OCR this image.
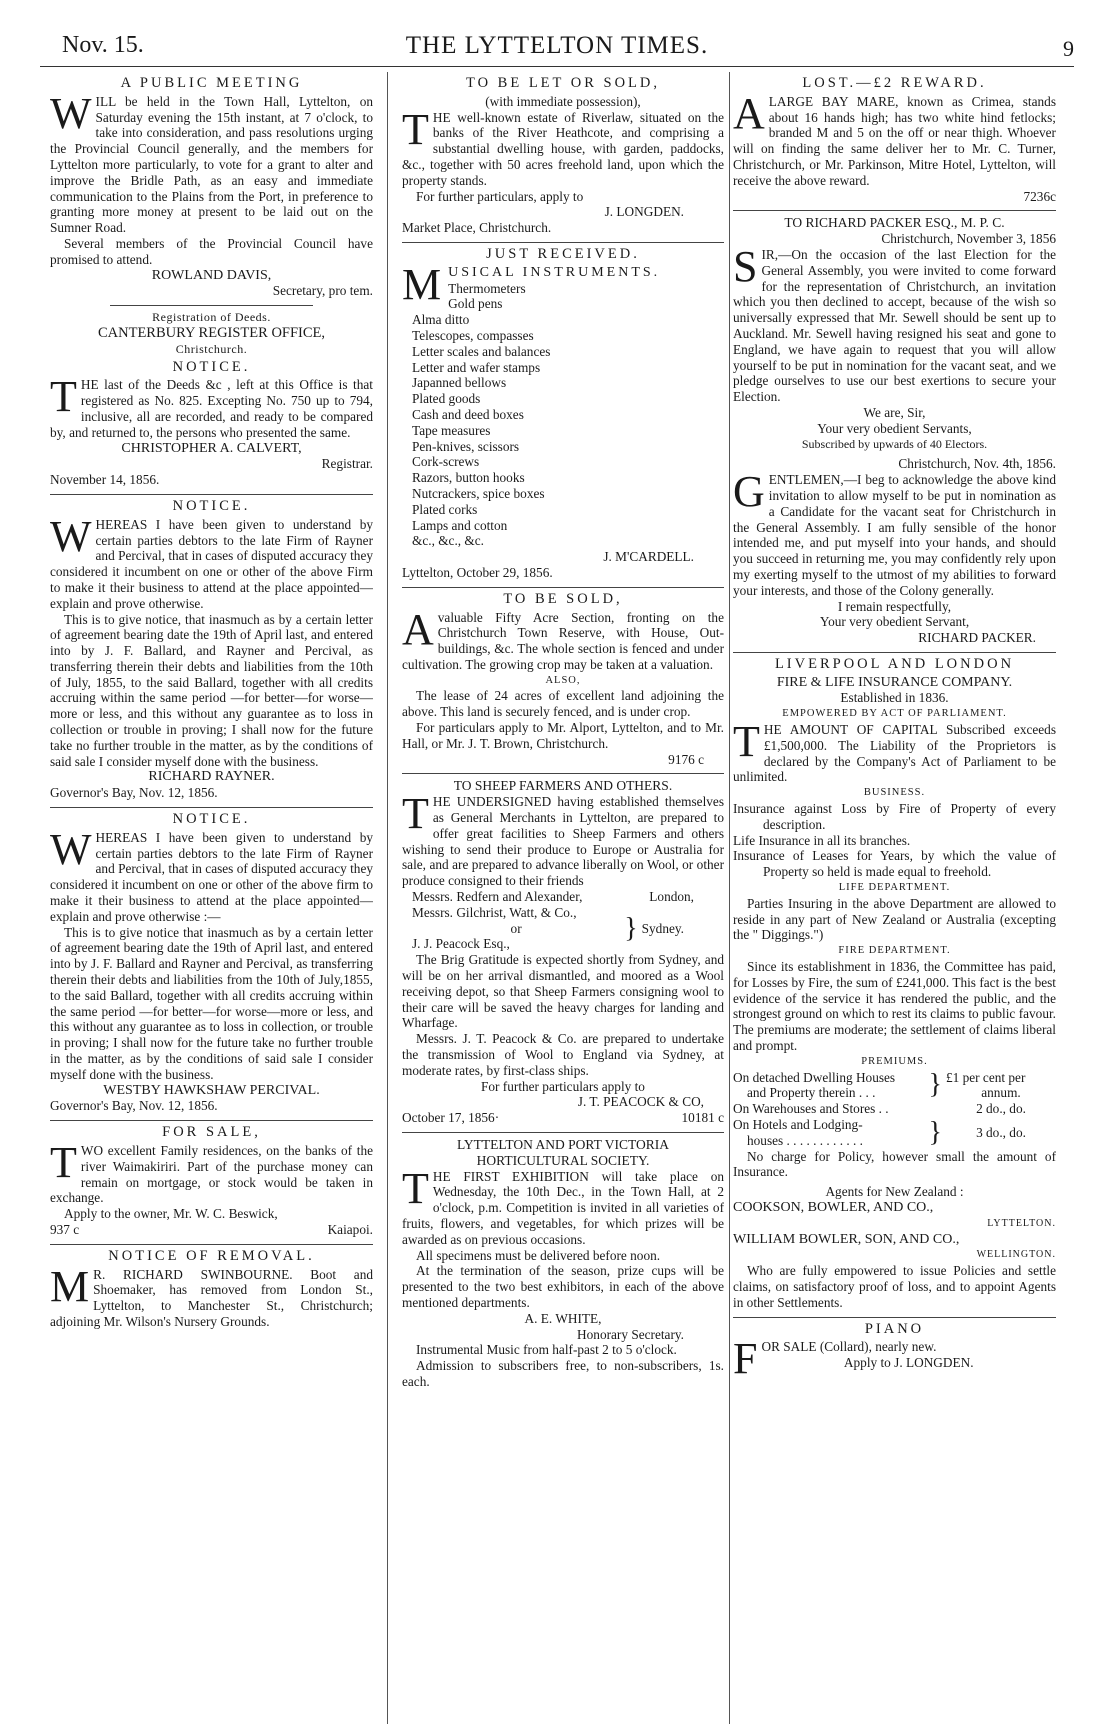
Nov. 15.	THE LYTTELTON TIMES.	9
A PUBLIC MEETING

WILL be held in the Town Hall, Lyttelton, on Saturday evening the 15th instant, at 7 o'clock, to take into consideration, and pass resolutions urging the Provincial Council generally, and the members for Lyttelton more particularly, to vote for a grant to alter and improve the Bridle Path, as an easy and immediate communication to the Plains from the Port, in preference to granting more money at present to be laid out on the Sumner Road.

Several members of the Provincial Council have promised to attend.

ROWLAND DAVIS,
Secretary, pro tem.
Registration of Deeds.
CANTERBURY REGISTER OFFICE,
Christchurch.
NOTICE.

THE last of the Deeds &c , left at this Office is that registered as No. 825. Excepting No. 750 up to 794, inclusive, all are recorded, and ready to be compared by, and returned to, the persons who presented the same.

CHRISTOPHER A. CALVERT,
Registrar.
November 14, 1856.
NOTICE.

WHEREAS I have been given to understand by certain parties debtors to the late Firm of Rayner and Percival, that in cases of disputed accuracy they considered it incumbent on one or other of the above Firm to make it their business to attend at the place appointed—explain and prove otherwise.

This is to give notice, that inasmuch as by a certain letter of agreement bearing date the 19th of April last, and entered into by J. F. Ballard, and Rayner and Percival, as transferring therein their debts and liabilities from the 10th of July, 1855, to the said Ballard, together with all credits accruing within the same period —for better—for worse—more or less, and this without any guarantee as to loss in collection or trouble in proving; I shall now for the future take no further trouble in the matter, as by the conditions of said sale I consider myself done with the business.

RICHARD RAYNER.
Governor's Bay, Nov. 12, 1856.
NOTICE.

WHEREAS I have been given to understand by certain parties debtors to the late Firm of Rayner and Percival, that in cases of disputed accuracy they considered it incumbent on one or other of the above firm to make it their business to attend at the place appointed—explain and prove otherwise :—

This is to give notice that inasmuch as by a certain letter of agreement bearing date the 19th of April last, and entered into by J. F. Ballard and Rayner and Percival, as transferring therein their debts and liabilities from the 10th of July,1855, to the said Ballard, together with all credits accruing within the same period —for better—for worse—more or less, and this without any guarantee as to loss in collection, or trouble in proving; I shall now for the future take no further trouble in the matter, as by the conditions of said sale I consider myself done with the business.

WESTBY HAWKSHAW PERCIVAL.
Governor's Bay, Nov. 12, 1856.
FOR SALE,

TWO excellent Family residences, on the banks of the river Waimakiriri. Part of the purchase money can remain on mortgage, or stock would be taken in exchange.

Apply to the owner, Mr. W. C. Beswick,
937 c	Kaiapoi.
NOTICE OF REMOVAL.

MR. RICHARD SWINBOURNE. Boot and Shoemaker, has removed from London St., Lyttelton, to Manchester St., Christchurch; adjoining Mr. Wilson's Nursery Grounds.

TO BE LET OR SOLD,
(with immediate possession),

THE well-known estate of Riverlaw, situated on the banks of the River Heathcote, and comprising a substantial dwelling house, with garden, paddocks, &c., together with 50 acres freehold land, upon which the property stands.

For further particulars, apply to
J. LONGDEN.
Market Place, Christchurch.
JUST RECEIVED.
MUSICAL INSTRUMENTS.
Thermometers
Gold pens
Alma ditto
Telescopes, compasses
Letter scales and balances
Letter and wafer stamps
Japanned bellows
Plated goods
Cash and deed boxes
Tape measures
Pen-knives, scissors
Cork-screws
Razors, button hooks
Nutcrackers, spice boxes
Plated corks
Lamps and cotton
&c., &c., &c.
J. M'CARDELL.
Lyttelton, October 29, 1856.
TO BE SOLD,

Avaluable Fifty Acre Section, fronting on the Christchurch Town Reserve, with House, Out-buildings, &c. The whole section is fenced and under cultivation. The growing crop may be taken at a valuation.

ALSO,

The lease of 24 acres of excellent land adjoining the above. This land is securely fenced, and is under crop.

For particulars apply to Mr. Alport, Lyttelton, and to Mr. Hall, or Mr. J. T. Brown, Christchurch.

9176 c
TO SHEEP FARMERS AND OTHERS.

THE UNDERSIGNED having established themselves as General Merchants in Lyttelton, are prepared to offer great facilities to Sheep Farmers and others wishing to send their produce to Europe or Australia for sale, and are prepared to advance liberally on Wool, or other produce consigned to their friends

Messrs. Redfern and Alexander,	London,
Messrs. Gilchrist, Watt, & Co.,
or
J. J. Peacock Esq.,
} Sydney.

The Brig Gratitude is expected shortly from Sydney, and will be on her arrival dismantled, and moored as a Wool receiving depot, so that Sheep Farmers consigning wool to their care will be saved the heavy charges for landing and Wharfage.

Messrs. J. T. Peacock & Co. are prepared to undertake the transmission of Wool to England via Sydney, at moderate rates, by first-class ships.

For further particulars apply to
J. T. PEACOCK & CO,
October 17, 1856·	10181 c
LYTTELTON AND PORT VICTORIA
HORTICULTURAL SOCIETY.

THE FIRST EXHIBITION will take place on Wednesday, the 10th Dec., in the Town Hall, at 2 o'clock, p.m. Competition is invited in all varieties of fruits, flowers, and vegetables, for which prizes will be awarded as on previous occasions.

All specimens must be delivered before noon.

At the termination of the season, prize cups will be presented to the two best exhibitors, in each of the above mentioned departments.

A. E. WHITE,
Honorary Secretary.

Instrumental Music from half-past 2 to 5 o'clock.

Admission to subscribers free, to non-subscribers, 1s. each.

LOST.—£2 REWARD.

ALARGE BAY MARE, known as Crimea, stands about 16 hands high; has two white hind fetlocks; branded M and 5 on the off or near thigh. Whoever will on finding the same deliver her to Mr. C. Turner, Christchurch, or Mr. Parkinson, Mitre Hotel, Lyttelton, will receive the above reward.

7236c
TO RICHARD PACKER ESQ., M. P. C.
Christchurch, November 3, 1856

SIR,—On the occasion of the last Election for the General Assembly, you were invited to come forward for the representation of Christchurch, an invitation which you then declined to accept, because of the wish so universally expressed that Mr. Sewell should be sent up to Auckland. Mr. Sewell having resigned his seat and gone to England, we have again to request that you will allow yourself to be put in nomination for the vacant seat, and we pledge ourselves to use our best exertions to secure your Election.

We are, Sir,
Your very obedient Servants,
Subscribed by upwards of 40 Electors.
Christchurch, Nov. 4th, 1856.

GENTLEMEN,—I beg to acknowledge the above kind invitation to allow myself to be put in nomination as a Candidate for the vacant seat for Christchurch in the General Assembly. I am fully sensible of the honor intended me, and put myself into your hands, and should you succeed in returning me, you may confidently rely upon my exerting myself to the utmost of my abilities to forward your interests, and those of the Colony generally.

I remain respectfully,
Your very obedient Servant,
RICHARD PACKER.
LIVERPOOL AND LONDON
FIRE & LIFE INSURANCE COMPANY.
Established in 1836.
EMPOWERED BY ACT OF PARLIAMENT.

THE AMOUNT OF CAPITAL Subscribed exceeds £1,500,000. The Liability of the Proprietors is declared by the Company's Act of Parliament to be unlimited.

BUSINESS.
Insurance against Loss by Fire of Property of every description.
Life Insurance in all its branches.
Insurance of Leases for Years, by which the value of Property so held is made equal to freehold.
LIFE DEPARTMENT.

Parties Insuring in the above Department are allowed to reside in any part of New Zealand or Australia (excepting the " Diggings.")

FIRE DEPARTMENT.

Since its establishment in 1836, the Committee has paid, for Losses by Fire, the sum of £241,000. This fact is the best evidence of the service it has rendered the public, and the strongest ground on which to rest its claims to public favour. The premiums are moderate; the settlement of claims liberal and prompt.

PREMIUMS.
On detached Dwelling Houses
and Property therein . . .	} £1 per cent per
annum.
On Warehouses and Stores . .	2 do., do.
On Hotels and Lodging-
houses . . . . . . . . . . . .	}	3 do., do.

No charge for Policy, however small the amount of Insurance.

Agents for New Zealand :
COOKSON, BOWLER, AND CO.,
LYTTELTON.
WILLIAM BOWLER, SON, AND CO.,
WELLINGTON.

Who are fully empowered to issue Policies and settle claims, on satisfactory proof of loss, and to appoint Agents in other Settlements.

PIANO
FOR SALE (Collard), nearly new.
Apply to J. LONGDEN.
